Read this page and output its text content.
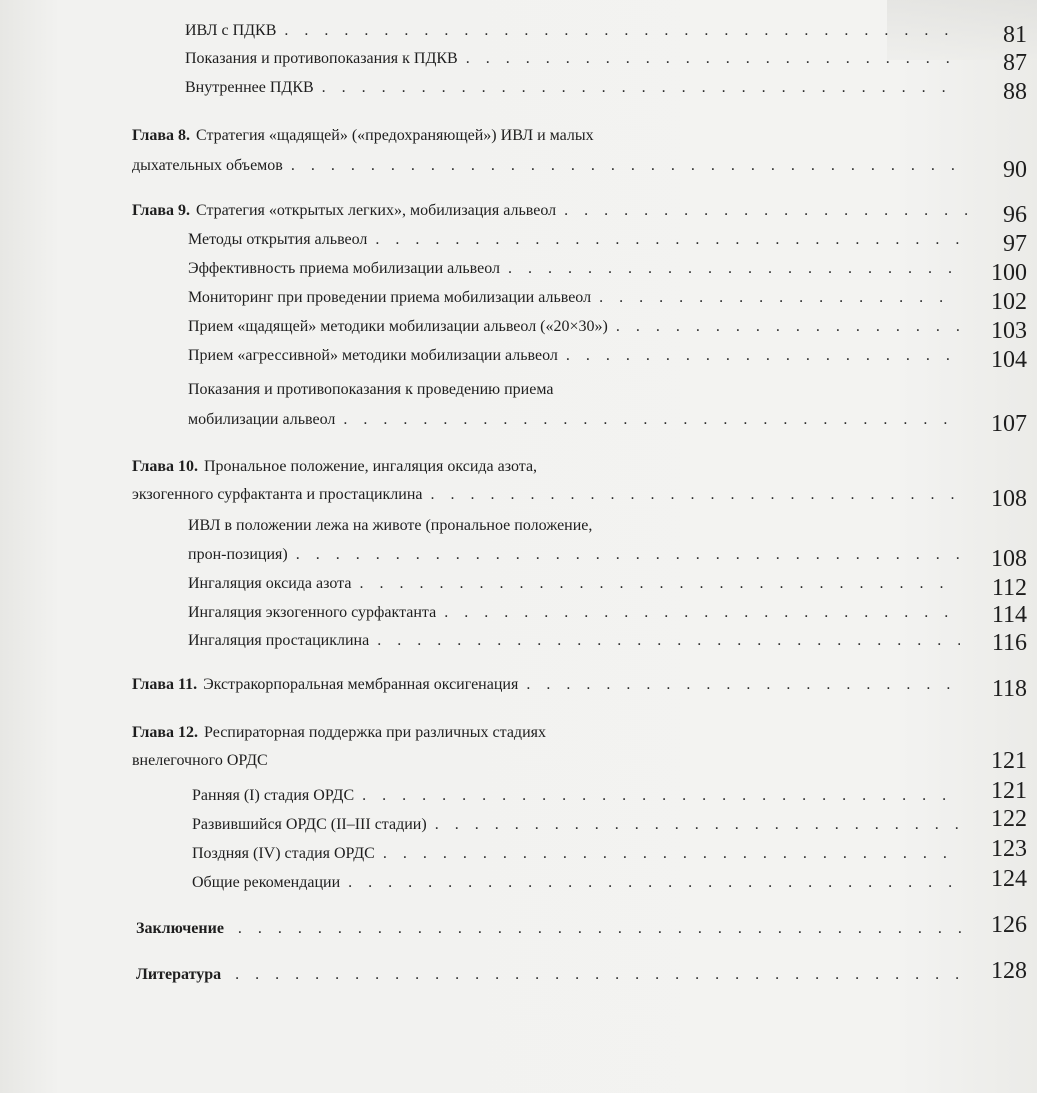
ИВЛ с ПДКВ . . .	81
Показания и противопоказания к ПДКВ . . .	87
Внутреннее ПДКВ . . .	88
Глава 8. Стратегия «щадящей» («предохраняющей») ИВЛ и малых
дыхательных объемов . . .	90
Глава 9. Стратегия «открытых легких», мобилизация альвеол . . .	96
Методы открытия альвеол . . .	97
Эффективность приема мобилизации альвеол . . .	100
Мониторинг при проведении приема мобилизации альвеол . . .	102
Прием «щадящей» методики мобилизации альвеол («20×30») . . .	103
Прием «агрессивной» методики мобилизации альвеол . . .	104
Показания и противопоказания к проведению приема
мобилизации альвеол . . .	107
Глава 10. Прональное положение, ингаляция оксида азота,
экзогенного сурфактанта и простациклина . . .	108
ИВЛ в положении лежа на животе (прональное положение,
прон-позиция) . . .	108
Ингаляция оксида азота . . .	112
Ингаляция экзогенного сурфактанта . . .	114
Ингаляция простациклина . . .	116
Глава 11. Экстракорпоральная мембранная оксигенация . . .	118
Глава 12. Респираторная поддержка при различных стадиях
внелегочного ОРДС	121
Ранняя (I) стадия ОРДС . . .	121
Развившийся ОРДС (II–III стадии) . . .	122
Поздняя (IV) стадия ОРДС . . .	123
Общие рекомендации . . .	124
Заключение . . .	126
Литература . . .	128
